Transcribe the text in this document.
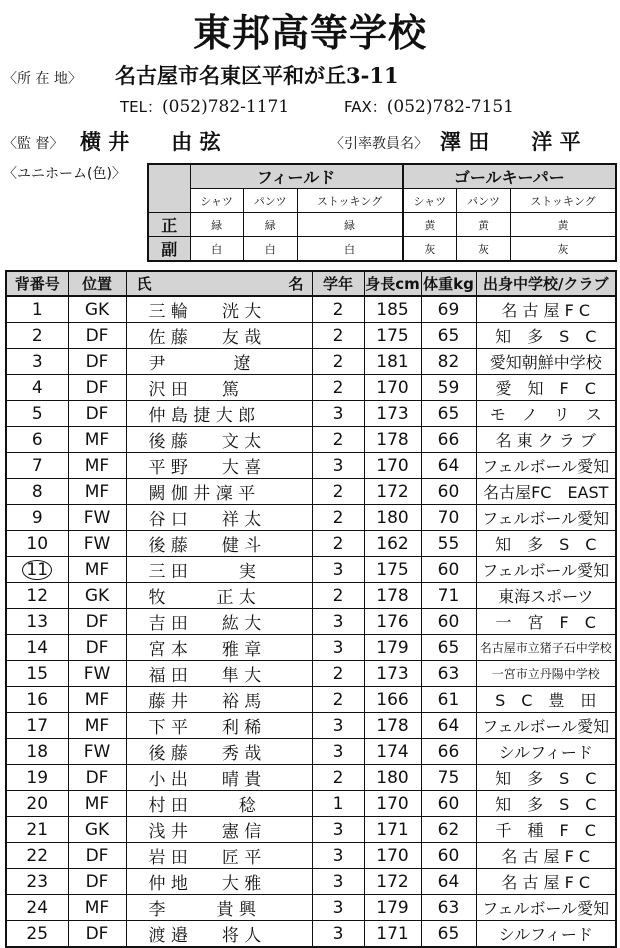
東邦高等学校
〈所 在 地〉 名古屋市名東区平和が丘3-11
TEL：(052)782-1171	FAX：(052)782-7151
〈監 督〉 横 井　　由 弦	〈引率教員名〉 澤 田　　洋 平
〈ユニホーム(色)〉
		フィールド			ゴールキーパー		
	シャツ	パンツ	ストッキング	シャツ	パンツ	ストッキング
正	緑	緑	緑	黄	黄	黄
副	白	白	白	灰	灰	灰
背番号	位置	氏 名	学年	身長cm	体重kg	出身中学校/クラブ
1	GK	三 輪　　洸 大	2	185	69	名 古 屋 F C
2	DF	佐 藤　　友 哉	2	175	65	知　多　S　C
3	DF	尹　　　　遼	2	181	82	愛知朝鮮中学校
4	DF	沢 田　　篤	2	170	59	愛　知　F　C
5	DF	仲 島 捷 大 郎	3	173	65	モ　ノ　リ　ス
6	MF	後 藤　　文 太	2	178	66	名 東 ク ラ ブ
7	MF	平 野　　大 喜	3	170	64	フェルボール愛知
8	MF	闕 伽 井 凜 平	2	172	60	名古屋FC　EAST
9	FW	谷 口　　祥 太	2	180	70	フェルボール愛知
10	FW	後 藤　　健 斗	2	162	55	知　多　S　C
11	MF	三 田　　　実	3	175	60	フェルボール愛知
12	GK	牧　　　正 太	2	178	71	東海スポーツ
13	DF	吉 田　　紘 大	3	176	60	一　宮　F　C
14	DF	宮 本　　雅 章	3	179	65	名古屋市立猪子石中学校
15	FW	福 田　　隼 大	2	173	63	一宮市立丹陽中学校
16	MF	藤 井　　裕 馬	2	166	61	S　C　豊　田
17	MF	下 平　　利 稀	3	178	64	フェルボール愛知
18	FW	後 藤　　秀 哉	3	174	66	シルフィード
19	DF	小 出　　晴 貴	2	180	75	知　多　S　C
20	MF	村 田　　　稔	1	170	60	知　多　S　C
21	GK	浅 井　　憲 信	3	171	62	千　種　F　C
22	DF	岩 田　　匠 平	3	170	60	名 古 屋 F C
23	DF	仲 地　　大 雅	3	172	64	名 古 屋 F C
24	MF	李　　　貴 興	3	179	63	フェルボール愛知
25	DF	渡 邉　　将 人	3	171	65	シルフィード
